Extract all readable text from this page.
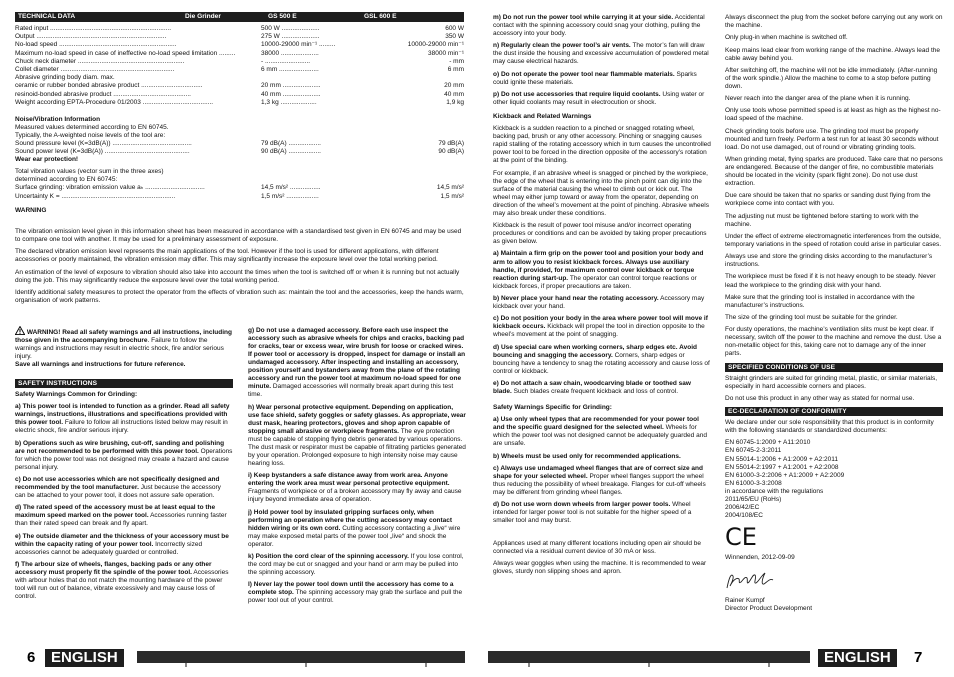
TECHNICAL DATA	Die Grinder	GS 500 E	GSL 600 E
Rated input ...................................................................	500 W .....................	600 W
Output ........................................................................	275 W .....................	350 W
No-load speed .................................................................	10000-29000 min⁻¹ .........	10000-29000 min⁻¹
Maximum no-load speed in case of ineffective no-load speed limitation .........	38000 .....................	38000 min⁻¹
Chuck neck diameter ...........................................................	- .........................	- mm
Collet diameter ...............................................................	6 mm ......................	6 mm
Abrasive grinding body diam. max.
ceramic or rubber bonded abrasive product ..................................	20 mm .....................	20 mm
resinoid-bonded abrasive product ...........................................	40 mm .....................	40 mm
Weight according EPTA-Procedure 01/2003 .......................................	1,3 kg ....................	1,9 kg
Noise/Vibration Information
Measured values determined according to EN 60745.
Typically, the A-weighted noise levels of the tool are:
Sound pressure level (K=3dB(A)) ............................................	79 dB(A) ..................	79 dB(A)
Sound power level (K=3dB(A)) ...............................................	90 dB(A) ..................	90 dB(A)
Wear ear protection!
Total vibration values (vector sum in the three axes)
determined according to EN 60745:
Surface grinding: vibration emission value aₕ .................................	14,5 m/s² .................	14,5 m/s²
Uncertainty K = ...............................................................	1,5 m/s² ..................	1,5 m/s²
WARNING

The vibration emission level given in this information sheet has been measured in accordance with a standardised test given in EN 60745 and may be used to compare one tool with another. It may be used for a preliminary assessment of exposure.

The declared vibration emission level represents the main applications of the tool. However if the tool is used for different applications, with different accessories or poorly maintained, the vibration emission may differ. This may significantly increase the exposure level over the total working period.

An estimation of the level of exposure to vibration should also take into account the times when the tool is switched off or when it is running but not actually doing the job. This may significantly reduce the exposure level over the total working period.

Identify additional safety measures to protect the operator from the effects of vibration such as: maintain the tool and the accessories, keep the hands warm, organisation of work patterns.

WARNING! Read all safety warnings and all instructions, including those given in the accompanying brochure. Failure to follow the warnings and instructions may result in electric shock, fire and/or serious injury.

Save all warnings and instructions for future reference.

SAFETY INSTRUCTIONS

Safety Warnings Common for Grinding:

a) This power tool is intended to function as a grinder. Read all safety warnings, instructions, illustrations and specifications provided with this power tool. Failure to follow all instructions listed below may result in electric shock, fire and/or serious injury.

b) Operations such as wire brushing, cut-off, sanding and polishing are not recommended to be performed with this power tool. Operations for which the power tool was not designed may create a hazard and cause personal injury.

c) Do not use accessories which are not specifically designed and recommended by the tool manufacturer. Just because the accessory can be attached to your power tool, it does not assure safe operation.

d) The rated speed of the accessory must be at least equal to the maximum speed marked on the power tool. Accessories running faster than their rated speed can break and fly apart.

e) The outside diameter and the thickness of your accessory must be within the capacity rating of your power tool. Incorrectly sized accessories cannot be adequately guarded or controlled.

f) The arbour size of wheels, flanges, backing pads or any other accessory must properly fit the spindle of the power tool. Accessories with arbour holes that do not match the mounting hardware of the power tool will run out of balance, vibrate excessively and may cause loss of control.

g) Do not use a damaged accessory. Before each use inspect the accessory such as abrasive wheels for chips and cracks, backing pad for cracks, tear or excess wear, wire brush for loose or cracked wires. If power tool or accessory is dropped, inspect for damage or install an undamaged accessory. After inspecting and installing an accessory, position yourself and bystanders away from the plane of the rotating accessory and run the power tool at maximum no-load speed for one minute. Damaged accessories will normally break apart during this test time.

h) Wear personal protective equipment. Depending on application, use face shield, safety goggles or safety glasses. As appropriate, wear dust mask, hearing protectors, gloves and shop apron capable of stopping small abrasive or workpiece fragments. The eye protection must be capable of stopping flying debris generated by various operations. The dust mask or respirator must be capable of filtrating particles generated by your operation. Prolonged exposure to high intensity noise may cause hearing loss.

i) Keep bystanders a safe distance away from work area. Anyone entering the work area must wear personal protective equipment. Fragments of workpiece or of a broken accessory may fly away and cause injury beyond immediate area of operation.

j) Hold power tool by insulated gripping surfaces only, when performing an operation where the cutting accessory may contact hidden wiring or its own cord. Cutting accessory contacting a „live“ wire may make exposed metal parts of the power tool „live“ and shock the operator.

k) Position the cord clear of the spinning accessory. If you lose control, the cord may be cut or snagged and your hand or arm may be pulled into the spinning accessory.

l) Never lay the power tool down until the accessory has come to a complete stop. The spinning accessory may grab the surface and pull the power tool out of your control.

6	ENGLISH

m) Do not run the power tool while carrying it at your side. Accidental contact with the spinning accessory could snag your clothing, pulling the accessory into your body.

n) Regularly clean the power tool’s air vents. The motor’s fan will draw the dust inside the housing and excessive accumulation of powdered metal may cause electrical hazards.

o) Do not operate the power tool near flammable materials. Sparks could ignite these materials.

p) Do not use accessories that require liquid coolants. Using water or other liquid coolants may result in electrocution or shock.

Kickback and Related Warnings

Kickback is a sudden reaction to a pinched or snagged rotating wheel, backing pad, brush or any other accessory. Pinching or snagging causes rapid stalling of the rotating accessory which in turn causes the uncontrolled power tool to be forced in the direction opposite of the accessory’s rotation at the point of the binding.

For example, if an abrasive wheel is snagged or pinched by the workpiece, the edge of the wheel that is entering into the pinch point can dig into the surface of the material causing the wheel to climb out or kick out. The wheel may either jump toward or away from the operator, depending on direction of the wheel’s movement at the point of pinching. Abrasive wheels may also break under these conditions.

Kickback is the result of power tool misuse and/or incorrect operating procedures or conditions and can be avoided by taking proper precautions as given below.

a) Maintain a firm grip on the power tool and position your body and arm to allow you to resist kickback forces. Always use auxiliary handle, if provided, for maximum control over kickback or torque reaction during start-up. The operator can control torque reactions or kickback forces, if proper precautions are taken.

b) Never place your hand near the rotating accessory. Accessory may kickback over your hand.

c) Do not position your body in the area where power tool will move if kickback occurs. Kickback will propel the tool in direction opposite to the wheel’s movement at the point of snagging.

d) Use special care when working corners, sharp edges etc. Avoid bouncing and snagging the accessory. Corners, sharp edges or bouncing have a tendency to snag the rotating accessory and cause loss of control or kickback.

e) Do not attach a saw chain, woodcarving blade or toothed saw blade. Such blades create frequent kickback and loss of control.

Safety Warnings Specific for Grinding:

a) Use only wheel types that are recommended for your power tool and the specific guard designed for the selected wheel. Wheels for which the power tool was not designed cannot be adequately guarded and are unsafe.

b) Wheels must be used only for recommended applications.

c) Always use undamaged wheel flanges that are of correct size and shape for your selected wheel. Proper wheel flanges support the wheel thus reducing the possibility of wheel breakage. Flanges for cut-off wheels may be different from grinding wheel flanges.

d) Do not use worn down wheels from larger power tools. Wheel intended for larger power tool is not suitable for the higher speed of a smaller tool and may burst.

Appliances used at many different locations including open air should be connected via a residual current device of 30 mA or less.

Always wear goggles when using the machine. It is recommended to wear gloves, sturdy non slipping shoes and apron.

Always disconnect the plug from the socket before carrying out any work on the machine.

Only plug-in when machine is switched off.

Keep mains lead clear from working range of the machine. Always lead the cable away behind you.

After switching off, the machine will not be idle immediately. (After-running of the work spindle.) Allow the machine to come to a stop before putting down.

Never reach into the danger area of the plane when it is running.

Only use tools whose permitted speed is at least as high as the highest no-load speed of the machine.

Check grinding tools before use. The grinding tool must be properly mounted and turn freely. Perform a test run for at least 30 seconds without load. Do not use damaged, out of round or vibrating grinding tools.

When grinding metal, flying sparks are produced. Take care that no persons are endangered. Because of the danger of fire, no combustible materials should be located in the vicinity (spark flight zone). Do not use dust extraction.

Due care should be taken that no sparks or sanding dust flying from the workpiece come into contact with you.

The adjusting nut must be tightened before starting to work with the machine.

Under the effect of extreme electromagnetic interferences from the outside, temporary variations in the speed of rotation could arise in particular cases.

Always use and store the grinding disks according to the manufacturer’s instructions.

The workpiece must be fixed if it is not heavy enough to be steady. Never lead the workpiece to the grinding disk with your hand.

Make sure that the grinding tool is installed in accordance with the manufacturer’s instructions.

The size of the grinding tool must be suitable for the grinder.

For dusty operations, the machine’s ventilation slits must be kept clear. If necessary, switch off the power to the machine and remove the dust. Use a non-metallic object for this, taking care not to damage any of the inner parts.

SPECIFIED CONDITIONS OF USE

Straight grinders are suited for grinding metal, plastic, or similar materials, especially in hard accessible corners and places.

Do not use this product in any other way as stated for normal use.

EC-DECLARATION OF CONFORMITY

We declare under our sole responsibility that this product is in conformity with the following standards or standardized documents:

EN 60745-1:2009 + A11:2010
EN 60745-2-3:2011
EN 55014-1:2006 + A1:2009 + A2:2011
EN 55014-2:1997 + A1:2001 + A2:2008
EN 61000-3-2:2006 + A1:2009 + A2:2009
EN 61000-3-3:2008
in accordance with the regulations
2011/65/EU (RoHs)
2006/42/EC
2004/108/EC
CE

Winnenden, 2012-09-09

Rainer Kumpf
Director Product Development
ENGLISH	7
